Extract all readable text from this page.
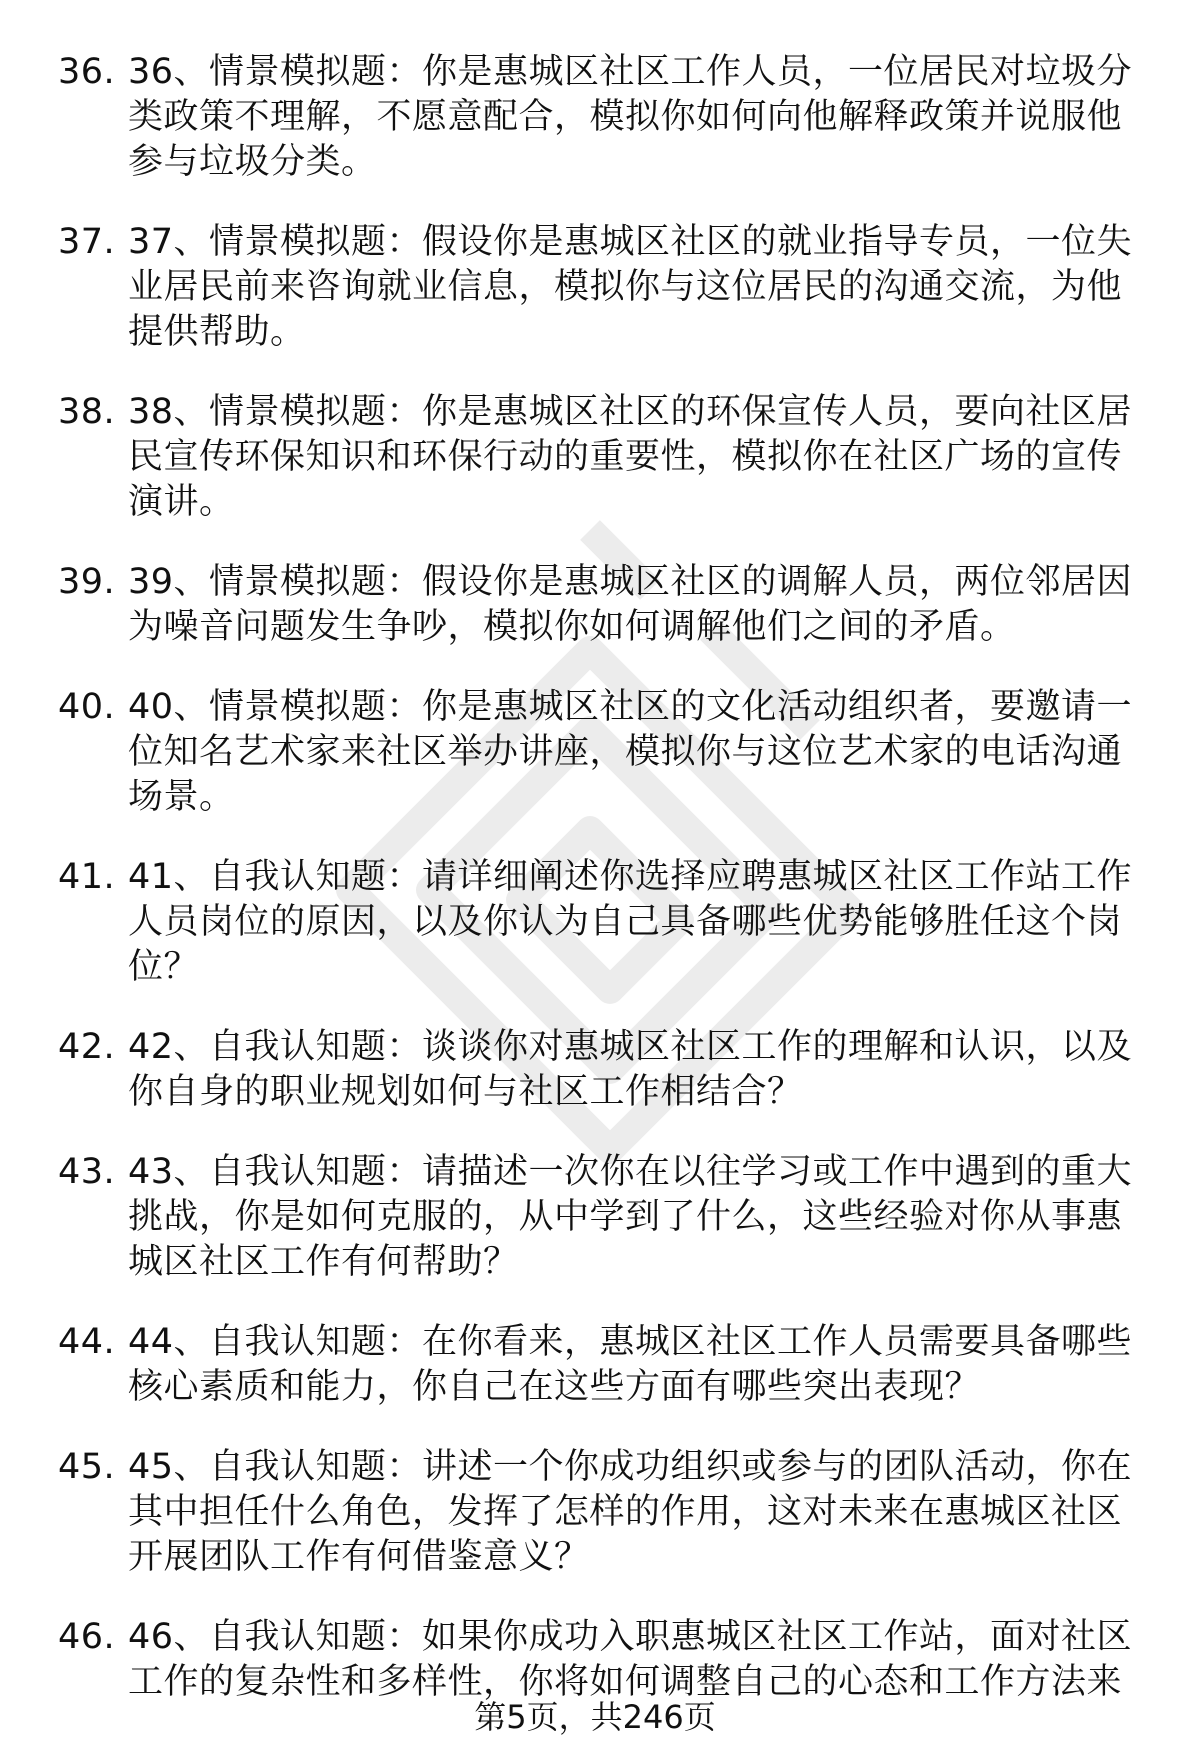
36. 36、情景模拟题：你是惠城区社区工作人员，一位居民对垃圾分类政策不理解，不愿意配合，模拟你如何向他解释政策并说服他参与垃圾分类。
37. 37、情景模拟题：假设你是惠城区社区的就业指导专员，一位失业居民前来咨询就业信息，模拟你与这位居民的沟通交流，为他提供帮助。
38. 38、情景模拟题：你是惠城区社区的环保宣传人员，要向社区居民宣传环保知识和环保行动的重要性，模拟你在社区广场的宣传演讲。
39. 39、情景模拟题：假设你是惠城区社区的调解人员，两位邻居因为噪音问题发生争吵，模拟你如何调解他们之间的矛盾。
40. 40、情景模拟题：你是惠城区社区的文化活动组织者，要邀请一位知名艺术家来社区举办讲座，模拟你与这位艺术家的电话沟通场景。
41. 41、自我认知题：请详细阐述你选择应聘惠城区社区工作站工作人员岗位的原因，以及你认为自己具备哪些优势能够胜任这个岗位？
42. 42、自我认知题：谈谈你对惠城区社区工作的理解和认识，以及你自身的职业规划如何与社区工作相结合？
43. 43、自我认知题：请描述一次你在以往学习或工作中遇到的重大挑战，你是如何克服的，从中学到了什么，这些经验对你从事惠城区社区工作有何帮助？
44. 44、自我认知题：在你看来，惠城区社区工作人员需要具备哪些核心素质和能力，你自己在这些方面有哪些突出表现？
45. 45、自我认知题：讲述一个你成功组织或参与的团队活动，你在其中担任什么角色，发挥了怎样的作用，这对未来在惠城区社区开展团队工作有何借鉴意义？
46. 46、自我认知题：如果你成功入职惠城区社区工作站，面对社区工作的复杂性和多样性，你将如何调整自己的心态和工作方法来
第5页，共246页
